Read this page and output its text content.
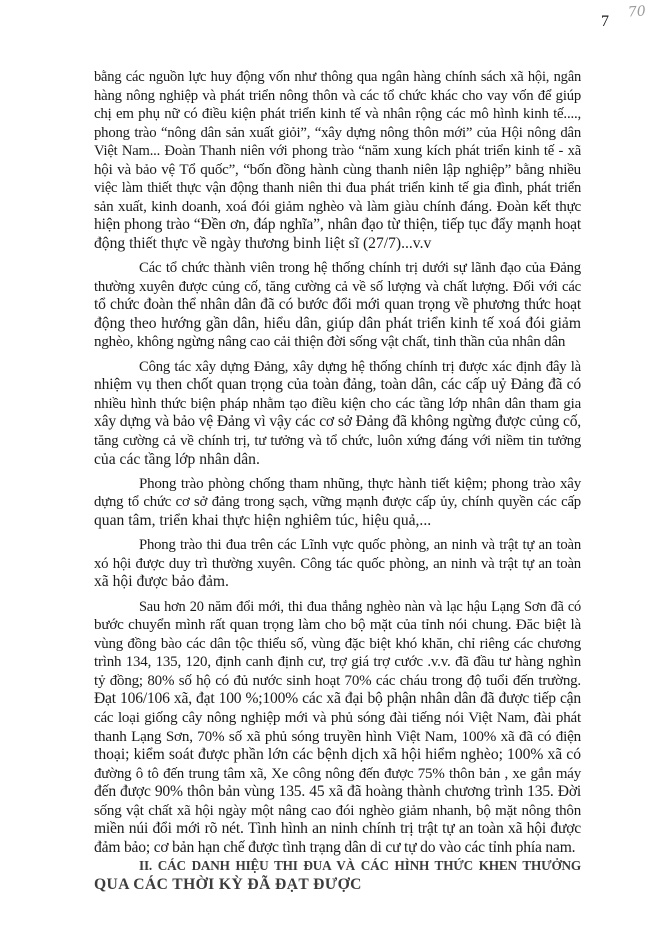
70
7
bằng các nguồn lực huy động vốn như thông qua ngân hàng chính sách xã hội, ngân
hàng nông nghiệp và phát triển nông thôn và các tổ chức khác cho vay vốn để giúp
chị em phụ nữ có điều kiện phát triển kinh tế và nhân rộng các mô hình kinh tế....,
phong trào “nông dân sản xuất giỏi”, “xây dựng nông thôn mới” của Hội nông dân
Việt Nam... Đoàn Thanh niên với phong trào “năm xung kích phát triển kinh tế - xã
hội và bảo vệ Tổ quốc”, “bốn đồng hành cùng thanh niên lập nghiệp” bằng nhiều
việc làm thiết thực vận động thanh niên thi đua phát triển kinh tế gia đình, phát triển
sản xuất, kinh doanh, xoá đói giảm nghèo và làm giàu chính đáng. Đoàn kết thực
hiện phong trào “Đền ơn, đáp nghĩa”, nhân đạo từ thiện, tiếp tục đẩy mạnh hoạt
động thiết thực về ngày thương binh liệt sĩ (27/7)...v.v
Các tổ chức thành viên trong hệ thống chính trị dưới sự lãnh đạo của Đảng
thường xuyên được củng cố, tăng cường cả về số lượng và chất lượng. Đối với các
tổ chức đoàn thể nhân dân đã có bước đổi mới quan trọng về phương thức hoạt
động theo hướng gần dân, hiểu dân, giúp dân phát triển kinh tế xoá đói giảm
nghèo, không ngừng nâng cao cải thiện đời sống vật chất, tinh thần của nhân dân
Công tác xây dựng Đảng, xây dựng hệ thống chính trị được xác định đây là
nhiệm vụ then chốt quan trọng của toàn đảng, toàn dân, các cấp uỷ Đảng đã có
nhiều hình thức biện pháp nhằm tạo điều kiện cho các tầng lớp nhân dân tham gia
xây dựng và bảo vệ Đảng vì vậy các cơ sở Đảng đã không ngừng được củng cố,
tăng cường cả về chính trị, tư tưởng và tổ chức, luôn xứng đáng với niềm tin tưởng
của các tầng lớp nhân dân.
Phong trào phòng chống tham nhũng, thực hành tiết kiệm; phong trào xây
dựng tổ chức cơ sở đảng trong sạch, vững mạnh được cấp ủy, chính quyền các cấp
quan tâm, triển khai thực hiện nghiêm túc, hiệu quả,...
Phong trào thi đua trên các Lĩnh vực quốc phòng, an ninh và trật tự an toàn
xó hội được duy trì thường xuyên. Công tác quốc phòng, an ninh và trật tự an toàn
xã hội được bảo đảm.
Sau hơn 20 năm đổi mới, thi đua thắng nghèo nàn và lạc hậu Lạng Sơn đã có
bước chuyển mình rất quan trọng làm cho bộ mặt của tỉnh nói chung. Đăc biệt là
vùng đồng bào các dân tộc thiểu số, vùng đặc biệt khó khăn, chỉ riêng các chương
trình 134, 135, 120, định canh định cư, trợ giá trợ cước .v.v. đã đầu tư hàng nghìn
tỷ đồng; 80% số hộ có đủ nước sinh hoạt 70% các cháu trong độ tuổi đến trường.
Đạt 106/106 xã, đạt 100 %;100% các xã đại bộ phận nhân dân đã được tiếp cận
các loại giống cây nông nghiệp mới và phủ sóng đài tiếng nói Việt Nam, đài phát
thanh Lạng Sơn, 70% số xã phủ sóng truyền hình Việt Nam, 100% xã đã có điện
thoại; kiểm soát được phần lớn các bệnh dịch xã hội hiểm nghèo; 100% xã có
đường ô tô đến trung tâm xã, Xe công nông đến được 75% thôn bản , xe gắn máy
đến được 90% thôn bản vùng 135. 45 xã đã hoàng thành chương trình 135. Đời
sống vật chất xã hội ngày một nâng cao đói nghèo giảm nhanh, bộ mặt nông thôn
miền núi đổi mới rõ nét. Tình hình an ninh chính trị trật tự an toàn xã hội được
đảm bảo; cơ bản hạn chế được tình trạng dân di cư tự do vào các tỉnh phía nam.
II. CÁC DANH HIỆU THI ĐUA VÀ CÁC HÌNH THỨC KHEN THƯỞNG
QUA CÁC THỜI KỲ ĐÃ ĐẠT ĐƯỢC
